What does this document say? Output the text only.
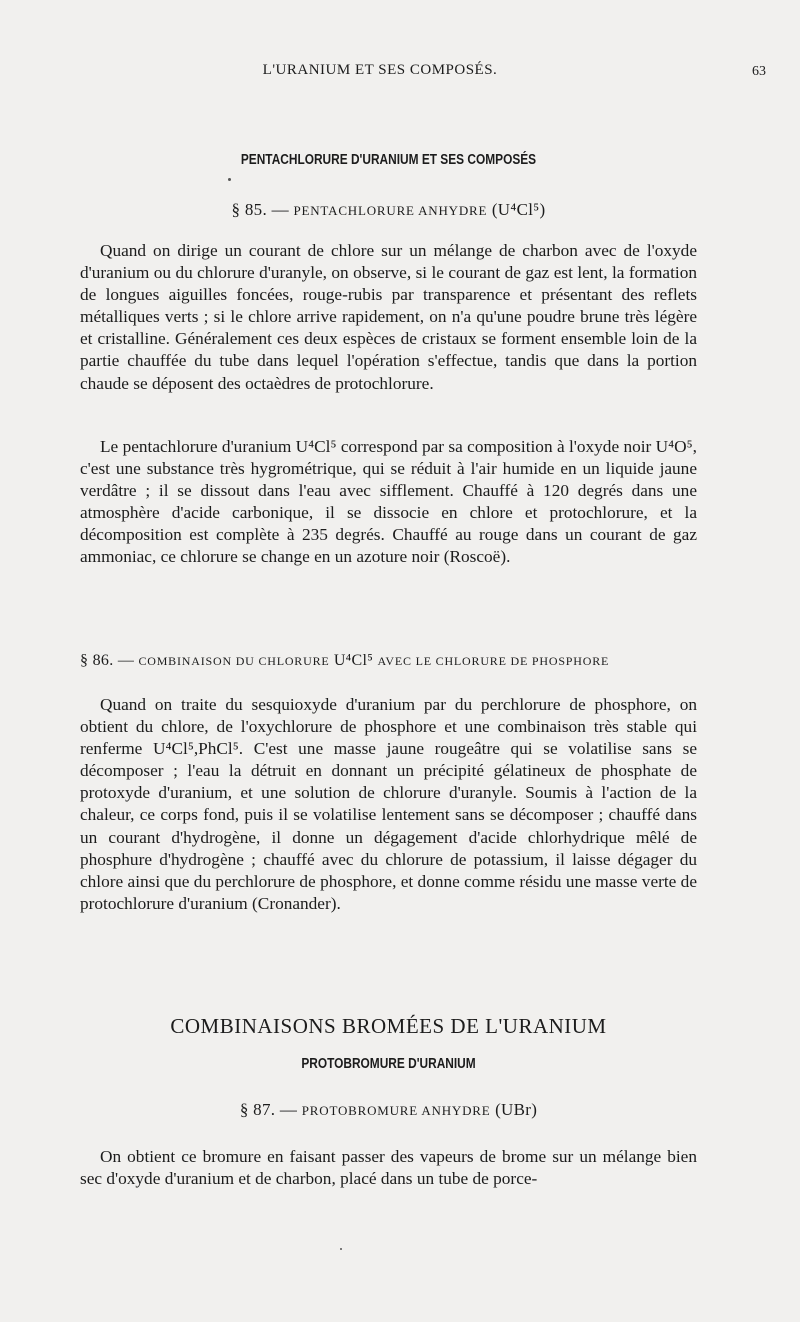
L'URANIUM ET SES COMPOSÉS.	63
PENTACHLORURE D'URANIUM ET SES COMPOSÉS
§ 85. — PENTACHLORURE ANHYDRE (U⁴Cl⁵)

Quand on dirige un courant de chlore sur un mélange de charbon avec de l'oxyde d'uranium ou du chlorure d'uranyle, on observe, si le courant de gaz est lent, la formation de longues aiguilles foncées, rouge-rubis par transparence et présentant des reflets métalliques verts ; si le chlore arrive rapidement, on n'a qu'une poudre brune très légère et cristalline. Généralement ces deux espèces de cristaux se forment ensemble loin de la partie chauffée du tube dans lequel l'opération s'effectue, tandis que dans la portion chaude se déposent des octaèdres de protochlorure.

Le pentachlorure d'uranium U⁴Cl⁵ correspond par sa composition à l'oxyde noir U⁴O⁵, c'est une substance très hygrométrique, qui se réduit à l'air humide en un liquide jaune verdâtre ; il se dissout dans l'eau avec sifflement. Chauffé à 120 degrés dans une atmosphère d'acide carbonique, il se dissocie en chlore et protochlorure, et la décomposition est complète à 235 degrés. Chauffé au rouge dans un courant de gaz ammoniac, ce chlorure se change en un azoture noir (Roscoë).

§ 86. — COMBINAISON DU CHLORURE U⁴Cl⁵ AVEC LE CHLORURE DE PHOSPHORE

Quand on traite du sesquioxyde d'uranium par du perchlorure de phosphore, on obtient du chlore, de l'oxychlorure de phosphore et une combinaison très stable qui renferme U⁴Cl⁵,PhCl⁵. C'est une masse jaune rougeâtre qui se volatilise sans se décomposer ; l'eau la détruit en donnant un précipité gélatineux de phosphate de protoxyde d'uranium, et une solution de chlorure d'uranyle. Soumis à l'action de la chaleur, ce corps fond, puis il se volatilise lentement sans se décomposer ; chauffé dans un courant d'hydrogène, il donne un dégagement d'acide chlorhydrique mêlé de phosphure d'hydrogène ; chauffé avec du chlorure de potassium, il laisse dégager du chlore ainsi que du perchlorure de phosphore, et donne comme résidu une masse verte de protochlorure d'uranium (Cronander).

COMBINAISONS BROMÉES DE L'URANIUM
PROTOBROMURE D'URANIUM
§ 87. — PROTOBROMURE ANHYDRE (UBr)

On obtient ce bromure en faisant passer des vapeurs de brome sur un mélange bien sec d'oxyde d'uranium et de charbon, placé dans un tube de porce-
